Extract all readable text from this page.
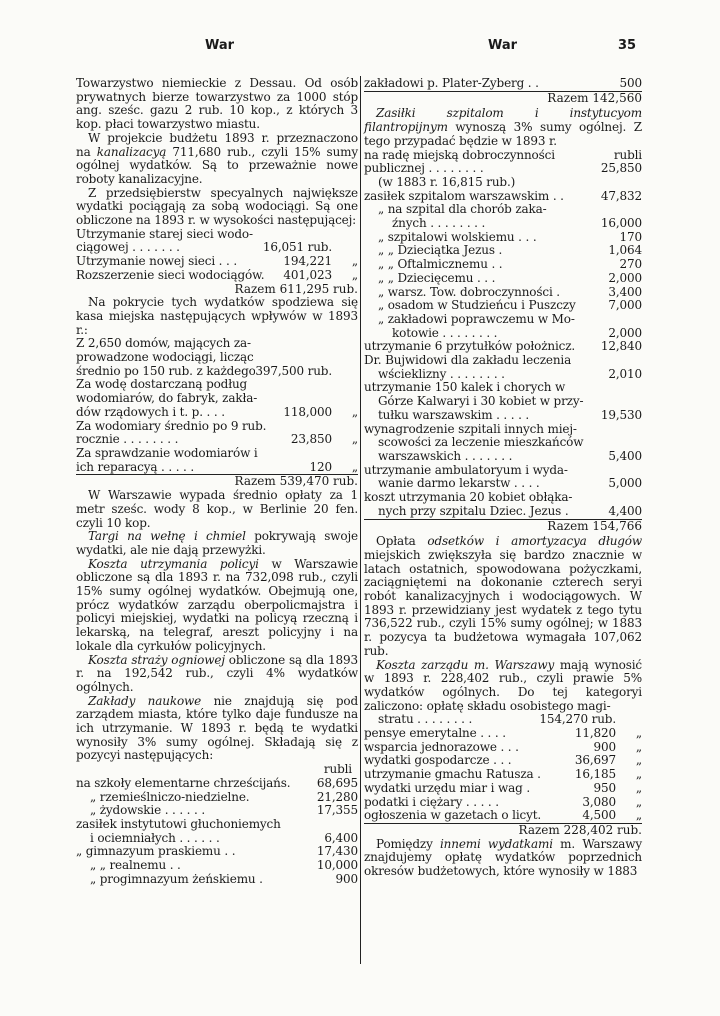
War	War	35

Towarzystwo niemieckie z Dessau. Od osób prywatnych bierze towarzystwo za 1000 stóp ang. sześc. gazu 2 rub. 10 kop., z których 3 kop. płaci towarzystwo miastu.

W projekcie budżetu 1893 r. przeznaczono na kanalizacyą 711,680 rub., czyli 15% sumy ogólnej wydatków. Są to przeważnie nowe roboty kanalizacyjne.

Z przedsiębierstw specyalnych największe wydatki pociągają za sobą wodociągi. Są one obliczone na 1893 r. w wysokości następującej:

Utrzymanie starej sieci wodo-
ciągowej . . . . . . .	16,051 rub.
Utrzymanie nowej sieci . . .	194,221	„
Rozszerzenie sieci wodociągów.	401,023	„
Razem 611,295 rub.

Na pokrycie tych wydatków spodziewa się kasa miejska następujących wpływów w 1893 r.:

Z 2,650 domów, mających za-
prowadzone wodociągi, licząc
średnio po 150 rub. z każdego 397,500 rub.
Za wodę dostarczaną podług
wodomiarów, do fabryk, zakła-
dów rządowych i t. p. . . .	118,000	„
Za wodomiary średnio po 9 rub.
rocznie . . . . . . . .	23,850	„
Za sprawdzanie wodomiarów i
ich reparacyą . . . . .	120	„
Razem 539,470 rub.

W Warszawie wypada średnio opłaty za 1 metr sześc. wody 8 kop., w Berlinie 20 fen. czyli 10 kop.

Targi na wełnę i chmiel pokrywają swoje wydatki, ale nie dają przewyżki.

Koszta utrzymania policyi w Warszawie obliczone są dla 1893 r. na 732,098 rub., czyli 15% sumy ogólnej wydatków. Obejmują one, prócz wydatków zarządu oberpolicmajstra i policyi miejskiej, wydatki na policyą rzeczną i lekarską, na telegraf, areszt policyjny i na lokale dla cyrkułów policyjnych.

Koszta straży ogniowej obliczone są dla 1893 r. na 192,542 rub., czyli 4% wydatków ogólnych.

Zakłady naukowe nie znajdują się pod zarządem miasta, które tylko daje fundusze na ich utrzymanie. W 1893 r. będą te wydatki wynosiły 3% sumy ogólnej. Składają się z pozycyi następujących:

rubli
na szkoły elementarne chrześcijańs.	68,695
„ rzemieślniczo-niedzielne.	21,280
„ żydowskie . . . . . .	17,355
zasiłek instytutowi głuchoniemych
i ociemniałych . . . . . .	6,400
„ gimnazyum praskiemu . .	17,430
„ „ realnemu . .	10,000
„ progimnazyum żeńskiemu .	900
zakładowi p. Plater-Zyberg . .	500
Razem 142,560

Zasiłki szpitalom i instytucyom filantropijnym wynoszą 3% sumy ogólnej. Z tego przypadać będzie w 1893 r.

na radę miejską dobroczynności	rubli
publicznej . . . . . . . .	25,850
(w 1883 r. 16,815 rub.)
zasiłek szpitalom warszawskim . .	47,832
„ na szpital dla chorób zaka-
źnych . . . . . . . .	16,000
„ szpitalowi wolskiemu . . .	170
„ „ Dzieciątka Jezus .	1,064
„ „ Oftalmicznemu . .	270
„ „ Dziecięcemu . . .	2,000
„ warsz. Tow. dobroczynności .	3,400
„ osadom w Studzieńcu i Puszczy	7,000
„ zakładowi poprawczemu w Mo-
kotowie . . . . . . . .	2,000
utrzymanie 6 przytułków położnicz.	12,840
Dr. Bujwidowi dla zakładu leczenia
wścieklizny . . . . . . . .	2,010
utrzymanie 150 kalek i chorych w
Górze Kalwaryi i 30 kobiet w przy-
tułku warszawskim . . . . .	19,530
wynagrodzenie szpitali innych miej-
scowości za leczenie mieszkańców
warszawskich . . . . . . .	5,400
utrzymanie ambulatoryum i wyda-
wanie darmo lekarstw . . . .	5,000
koszt utrzymania 20 kobiet obłąka-
nych przy szpitalu Dziec. Jezus .	4,400
Razem 154,766

Opłata odsetków i amortyzacya długów miejskich zwiększyła się bardzo znacznie w latach ostatnich, spowodowana pożyczkami, zaciągniętemi na dokonanie czterech seryi robót kanalizacyjnych i wodociągowych. W 1893 r. przewidziany jest wydatek z tego tytu 736,522 rub., czyli 15% sumy ogólnej; w 1883 r. pozycya ta budżetowa wymagała 107,062 rub.

Koszta zarządu m. Warszawy mają wynosić w 1893 r. 228,402 rub., czyli prawie 5% wydatków ogólnych. Do tej kategoryi zaliczono: opłatę składu osobistego magi-

stratu . . . . . . . .	154,270 rub.
pensye emerytalne . . . .	11,820	„
wsparcia jednorazowe . . .	900	„
wydatki gospodarcze . . .	36,697	„
utrzymanie gmachu Ratusza .	16,185	„
wydatki urzędu miar i wag .	950	„
podatki i ciężary . . . . .	3,080	„
ogłoszenia w gazetach o licyt.	4,500	„
Razem 228,402 rub.

Pomiędzy innemi wydatkami m. Warszawy znajdujemy opłatę wydatków poprzednich okresów budżetowych, które wynosiły w 1883
